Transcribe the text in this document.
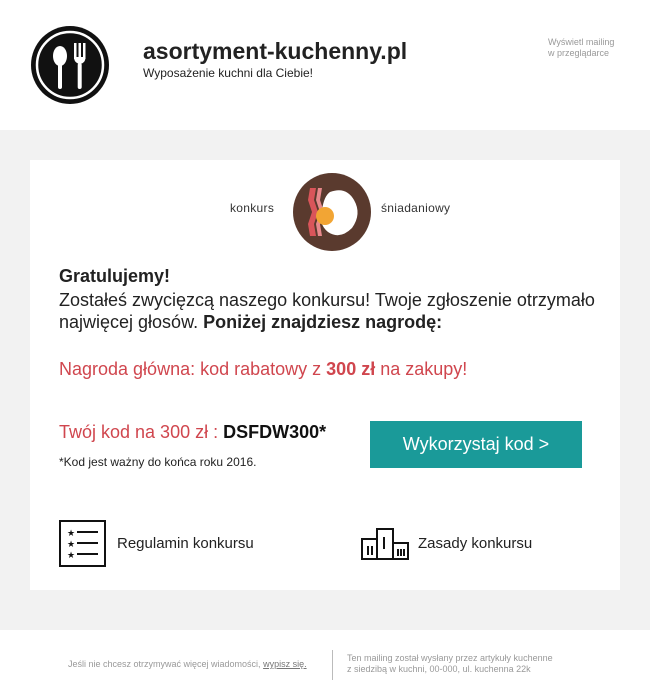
asortyment-kuchenny.pl
Wyposażenie kuchni dla Ciebie!
Wyświetl mailing
w przeglądarce
konkurs	śniadaniowy
Gratulujemy!
Zostałeś zwycięzcą naszego konkursu! Twoje zgłoszenie otrzymało najwięcej głosów. Poniżej znajdziesz nagrodę:
Nagroda główna: kod rabatowy z 300 zł na zakupy!
Twój kod na 300 zł : DSFDW300*
*Kod jest ważny do końca roku 2016.
Wykorzystaj kod >
★
★
★
Regulamin konkursu	Zasady konkursu
Jeśli nie chcesz otrzymywać więcej wiadomości, wypisz się.
Ten mailing został wysłany przez artykuły kuchenne
z siedzibą w kuchni, 00-000, ul. kuchenna 22k
